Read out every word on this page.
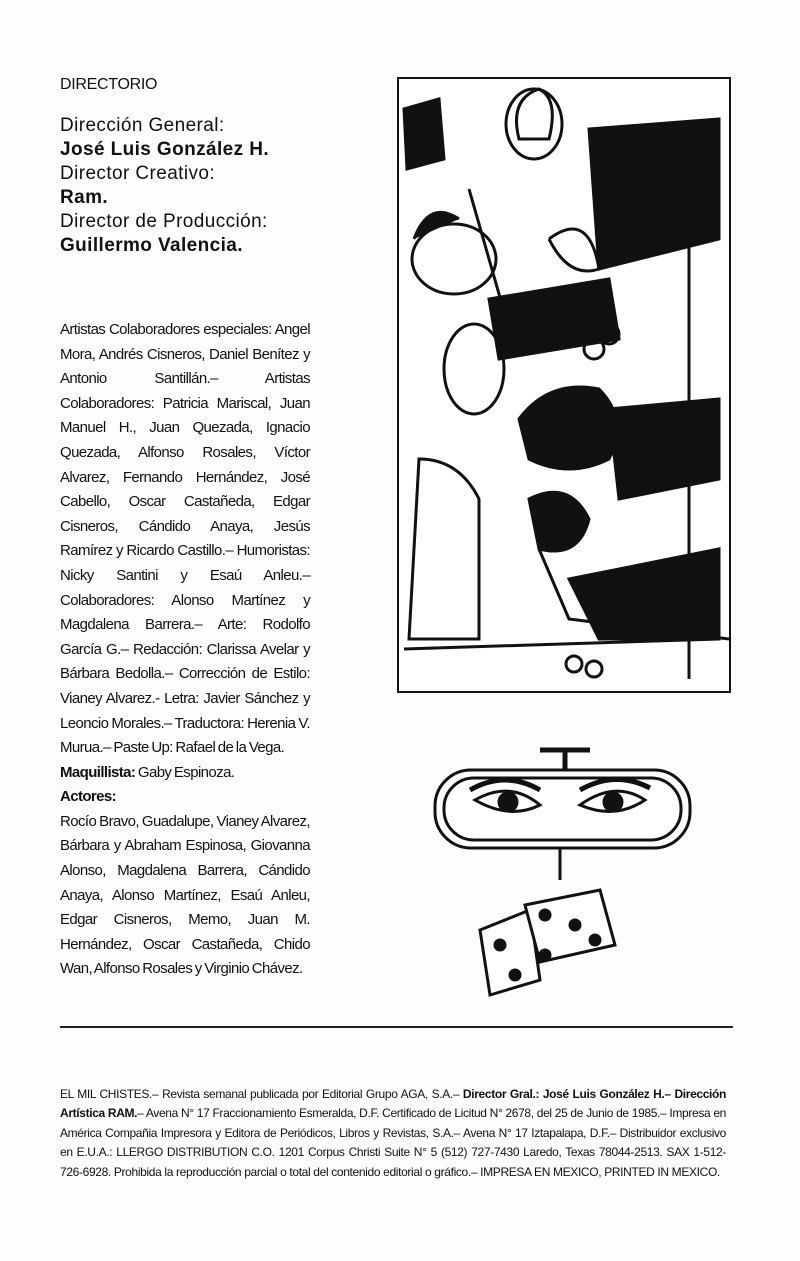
DIRECTORIO
Dirección General:
José Luis González H.
Director Creativo:
Ram.
Director de Producción:
Guillermo Valencia.

Artistas Colaboradores especiales: Angel Mora, Andrés Cisneros, Daniel Benítez y Antonio Santillán.– Artistas Colaboradores: Patricia Mariscal, Juan Manuel H., Juan Quezada, Ignacio Quezada, Alfonso Rosales, Víctor Alvarez, Fernando Hernández, José Cabello, Oscar Castañeda, Edgar Cisneros, Cándido Anaya, Jesús Ramírez y Ricardo Castillo.– Humoristas: Nicky Santini y Esaú Anleu.– Colaboradores: Alonso Martínez y Magdalena Barrera.– Arte: Rodolfo García G.– Redacción: Clarissa Avelar y Bárbara Bedolla.– Corrección de Estilo: Vianey Alvarez.- Letra: Javier Sánchez y Leoncio Morales.– Traductora: Herenia V. Murua.– Paste Up: Rafael de la Vega.

Maquillista: Gaby Espinoza.

Actores:

Rocío Bravo, Guadalupe, Vianey Alvarez, Bárbara y Abraham Espinosa, Giovanna Alonso, Magdalena Barrera, Cándido Anaya, Alonso Martínez, Esaú Anleu, Edgar Cisneros, Memo, Juan M. Hernández, Oscar Castañeda, Chido Wan, Alfonso Rosales y Virginio Chávez.

EL MIL CHISTES.– Revista semanal publicada por Editorial Grupo AGA, S.A.– Director Gral.: José Luis González H.– Dirección Artística RAM.– Avena N° 17 Fraccionamiento Esmeralda, D.F. Certificado de Licitud N° 2678, del 25 de Junio de 1985.– Impresa en América Compañia Impresora y Editora de Periódicos, Libros y Revistas, S.A.– Avena N° 17 Iztapalapa, D.F.– Distribuidor exclusivo en E.U.A.: LLERGO DISTRIBUTION C.O. 1201 Corpus Christi Suite N° 5 (512) 727-7430 Laredo, Texas 78044-2513. SAX 1-512-726-6928. Prohibida la reproducción parcial o total del contenido editorial o gráfico.– IMPRESA EN MEXICO, PRINTED IN MEXICO.
